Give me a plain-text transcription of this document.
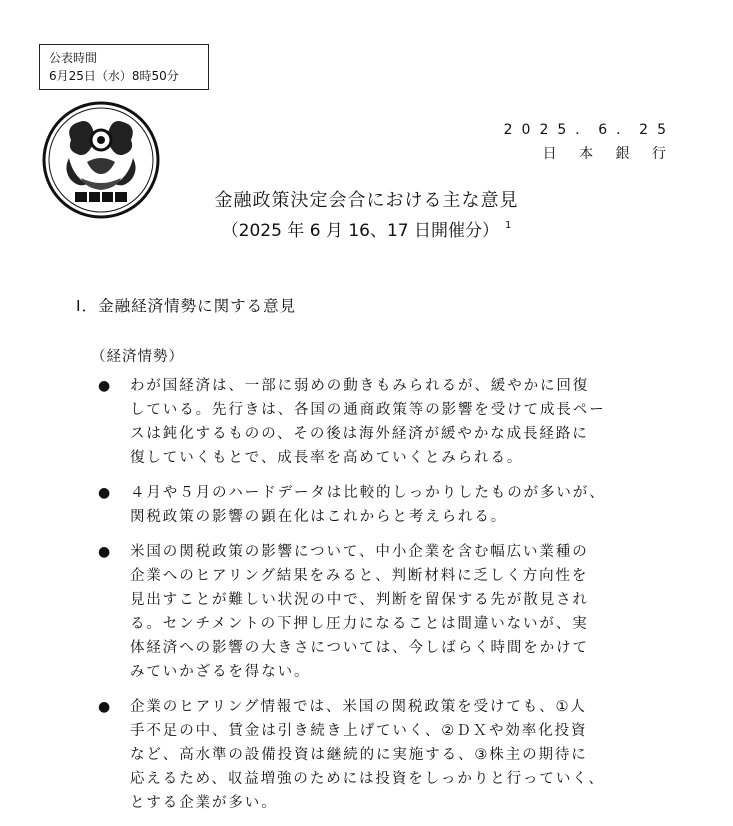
公表時間
6月25日（水）8時50分
2025．6．25
日 本 銀 行
金融政策決定会合における主な意見
（2025 年 6 月 16、17 日開催分） $^1$
Ⅰ．金融経済情勢に関する意見
（経済情勢）
●	わが国経済は、一部に弱めの動きもみられるが、緩やかに回復
している。先行きは、各国の通商政策等の影響を受けて成長ペー
スは鈍化するものの、その後は海外経済が緩やかな成長経路に
復していくもとで、成長率を高めていくとみられる。

●	４月や５月のハードデータは比較的しっかりしたものが多いが、
関税政策の影響の顕在化はこれからと考えられる。

●	米国の関税政策の影響について、中小企業を含む幅広い業種の
企業へのヒアリング結果をみると、判断材料に乏しく方向性を
見出すことが難しい状況の中で、判断を留保する先が散見され
る。センチメントの下押し圧力になることは間違いないが、実
体経済への影響の大きさについては、今しばらく時間をかけて
みていかざるを得ない。

●	企業のヒアリング情報では、米国の関税政策を受けても、①人
手不足の中、賃金は引き続き上げていく、②ＤＸや効率化投資
など、高水準の設備投資は継続的に実施する、③株主の期待に
応えるため、収益増強のためには投資をしっかりと行っていく、
とする企業が多い。
